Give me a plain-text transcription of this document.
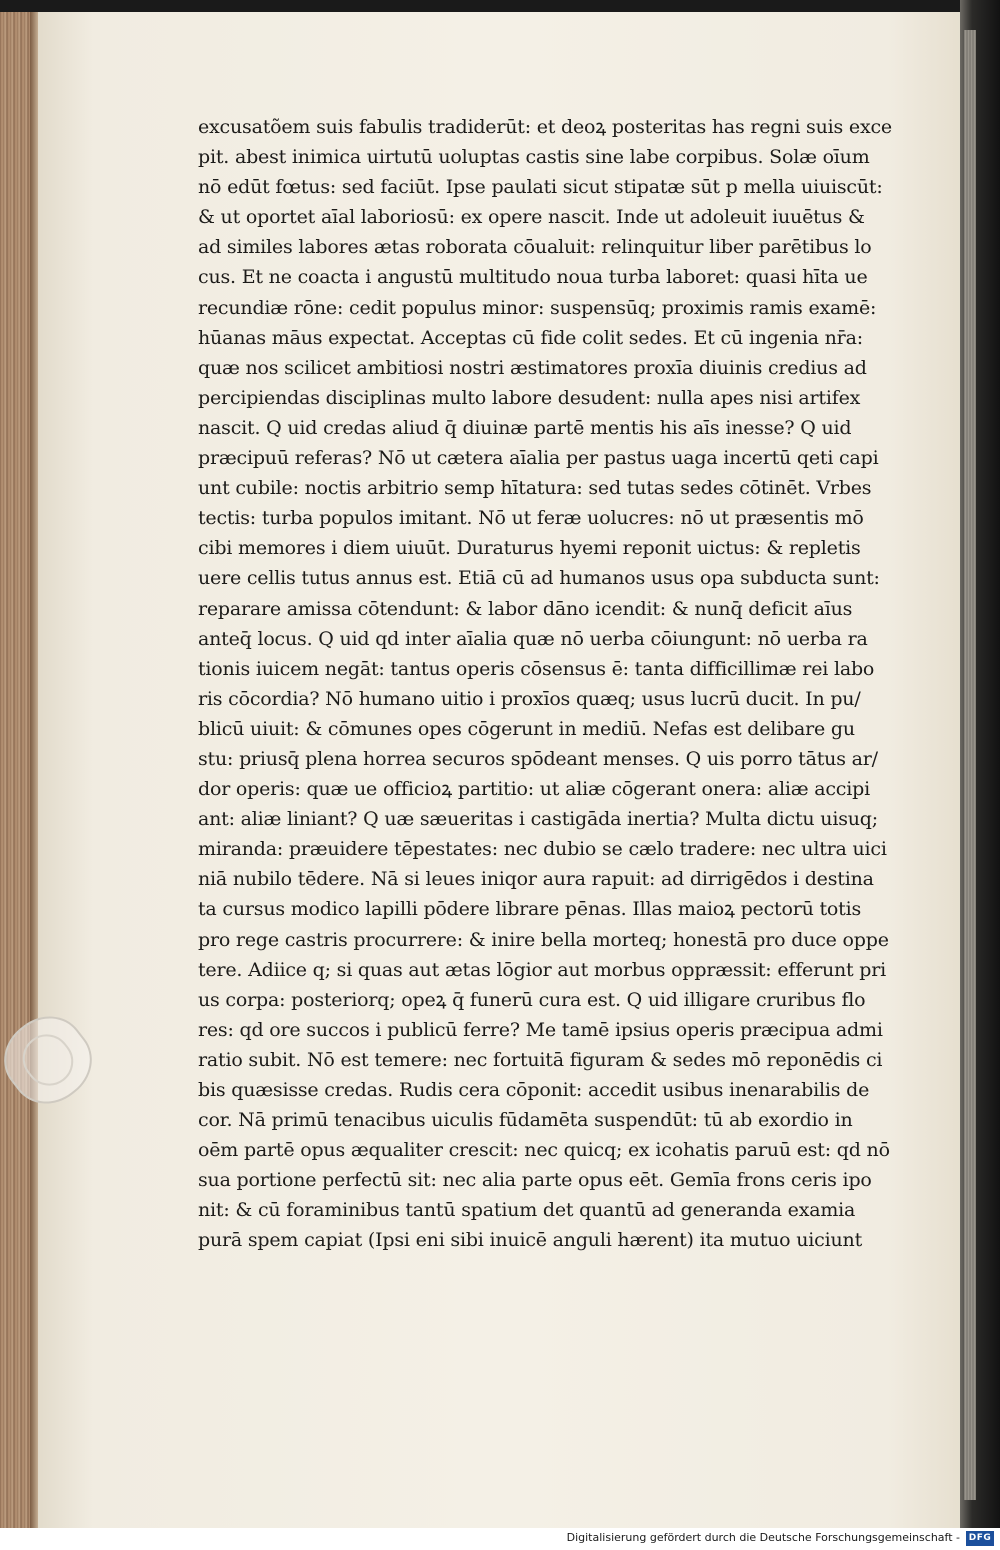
excusatõem suis fabulis tradiderūt: et deoꝝ posteritas has regni suis exce
pit. abest inimica uirtutū uoluptas castis sine labe corpibus. Solæ oīum
nō edūt fœtus: sed faciūt. Ipse paulati sicut stipatæ sūt p mella uiuiscūt:
& ut oportet aīal laboriosū: ex opere nascit. Inde ut adoleuit iuuētus &
ad similes labores ætas roborata cōualuit: relinquitur liber parētibus lo
cus. Et ne coacta i angustū multitudo noua turba laboret: quasi hīta ue
recundiæ rōne: cedit populus minor: suspensūq; proximis ramis examē:
hūanas māus expectat. Acceptas cū fide colit sedes. Et cū ingenia nr̄a:
quæ nos scilicet ambitiosi nostri æstimatores proxīa diuinis credius ad
percipiendas disciplinas multo labore desudent: nulla apes nisi artifex
nascit. Q uid credas aliud q̄ diuinæ partē mentis his aīs inesse? Q uid
præcipuū referas? Nō ut cætera aīalia per pastus uaga incertū qeti capi
unt cubile: noctis arbitrio semp hītatura: sed tutas sedes cōtinēt. Vrbes
tectis: turba populos imitant. Nō ut feræ uolucres: nō ut præsentis mō
cibi memores i diem uiuūt. Duraturus hyemi reponit uictus: & repletis
uere cellis tutus annus est. Etiā cū ad humanos usus opa subducta sunt:
reparare amissa cōtendunt: & labor dāno icendit: & nunq̄ deficit aīus
anteq̄ locus. Q uid qd inter aīalia quæ nō uerba cōiungunt: nō uerba ra
tionis iuicem negāt: tantus operis cōsensus ē: tanta difficillimæ rei labo
ris cōcordia? Nō humano uitio i proxīos quæq; usus lucrū ducit. In pu/
blicū uiuit: & cōmunes opes cōgerunt in mediū. Nefas est delibare gu
stu: priusq̄ plena horrea securos spōdeant menses. Q uis porro tātus ar/
dor operis: quæ ue officioꝝ partitio: ut aliæ cōgerant onera: aliæ accipi
ant: aliæ liniant? Q uæ sæueritas i castigāda inertia? Multa dictu uisuq;
miranda: præuidere tēpestates: nec dubio se cælo tradere: nec ultra uici
niā nubilo tēdere. Nā si leues iniqor aura rapuit: ad dirrigēdos i destina
ta cursus modico lapilli pōdere librare pēnas. Illas maioꝝ pectorū totis
pro rege castris procurrere: & inire bella morteq; honestā pro duce oppe
tere. Adiice q; si quas aut ætas lōgior aut morbus oppræssit: efferunt pri
us corpa: posteriorq; opeꝝ q̄ funerū cura est. Q uid illigare cruribus flo
res: qd ore succos i publicū ferre? Me tamē ipsius operis præcipua admi
ratio subit. Nō est temere: nec fortuitā figuram & sedes mō reponēdis ci
bis quæsisse credas. Rudis cera cōponit: accedit usibus inenarabilis de
cor. Nā primū tenacibus uiculis fūdamēta suspendūt: tū ab exordio in
oēm partē opus æqualiter crescit: nec quicq; ex icohatis paruū est: qd nō
sua portione perfectū sit: nec alia parte opus eēt. Gemīa frons ceris ipo
nit: & cū foraminibus tantū spatium det quantū ad generanda examia
purā spem capiat (Ipsi eni sibi inuicē anguli hærent) ita mutuo uiciunt
Digitalisierung gefördert durch die Deutsche Forschungsgemeinschaft - DFG
